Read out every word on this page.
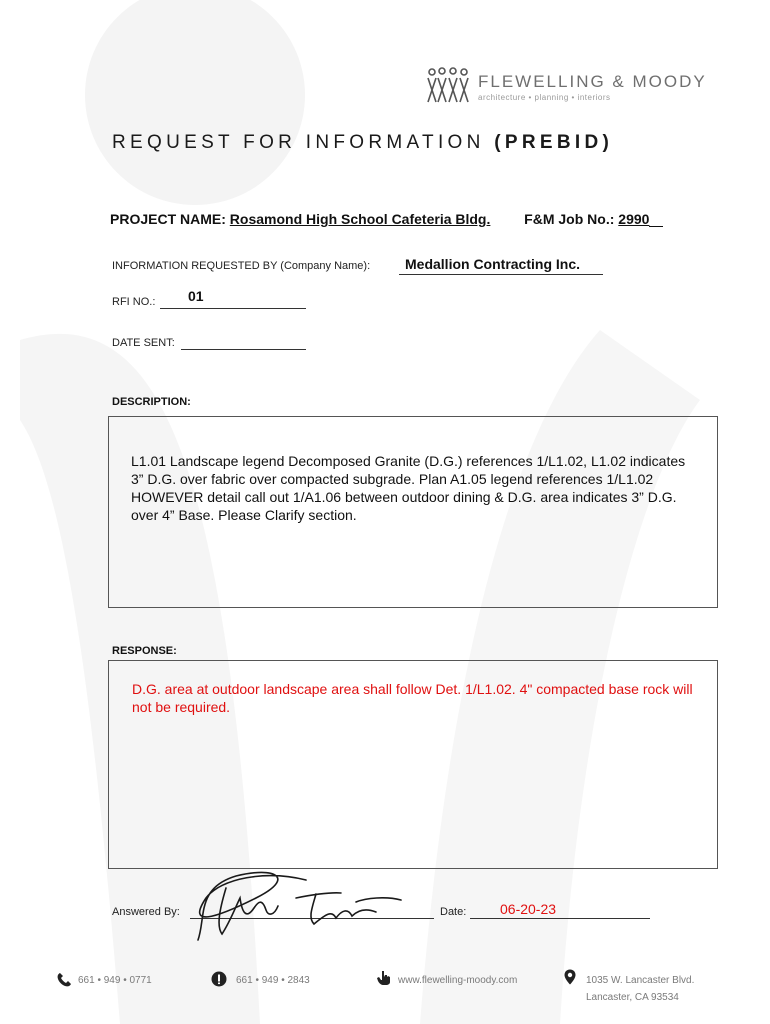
FLEWELLING & MOODY
architecture • planning • interiors
REQUEST FOR INFORMATION (PREBID)
PROJECT NAME: Rosamond High School Cafeteria Bldg. F&M Job No.: 2990
INFORMATION REQUESTED BY (Company Name): Medallion Contracting Inc.
RFI NO.: 01
DATE SENT:
DESCRIPTION:
L1.01 Landscape legend Decomposed Granite (D.G.) references 1/L1.02, L1.02 indicates 3” D.G. over fabric over compacted subgrade. Plan A1.05 legend references 1/L1.02 HOWEVER detail call out 1/A1.06 between outdoor dining & D.G. area indicates 3” D.G. over 4” Base. Please Clarify section.
RESPONSE:
D.G. area at outdoor landscape area shall follow Det. 1/L1.02. 4" compacted base rock will not be required.
Answered By:	Date: 06-20-23
661 • 949 • 0771	661 • 949 • 2843	www.flewelling-moody.com	1035 W. Lancaster Blvd.
Lancaster, CA 93534
